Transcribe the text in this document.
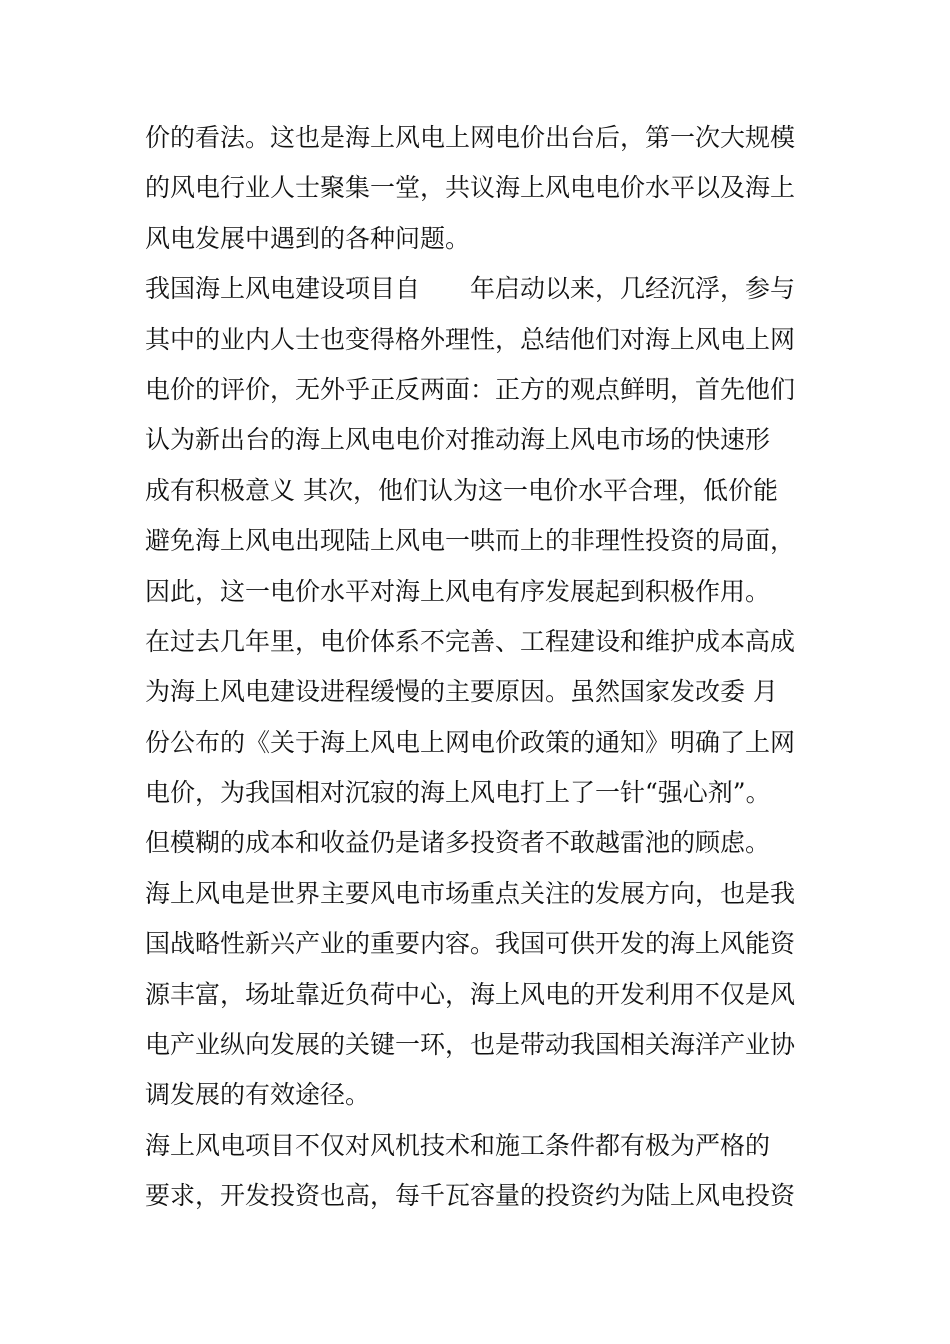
价的看法。这也是海上风电上网电价出台后，第一次大规模
的风电行业人士聚集一堂，共议海上风电电价水平以及海上
风电发展中遇到的各种问题。
我国海上风电建设项目自　　年启动以来，几经沉浮，参与
其中的业内人士也变得格外理性，总结他们对海上风电上网
电价的评价，无外乎正反两面：正方的观点鲜明，首先他们
认为新出台的海上风电电价对推动海上风电市场的快速形
成有积极意义 其次，他们认为这一电价水平合理，低价能
避免海上风电出现陆上风电一哄而上的非理性投资的局面，
因此，这一电价水平对海上风电有序发展起到积极作用。
在过去几年里，电价体系不完善、工程建设和维护成本高成
为海上风电建设进程缓慢的主要原因。虽然国家发改委 月
份公布的《关于海上风电上网电价政策的通知》明确了上网
电价，为我国相对沉寂的海上风电打上了一针“强心剂”。
但模糊的成本和收益仍是诸多投资者不敢越雷池的顾虑。
海上风电是世界主要风电市场重点关注的发展方向，也是我
国战略性新兴产业的重要内容。我国可供开发的海上风能资
源丰富，场址靠近负荷中心，海上风电的开发利用不仅是风
电产业纵向发展的关键一环，也是带动我国相关海洋产业协
调发展的有效途径。
海上风电项目不仅对风机技术和施工条件都有极为严格的
要求，开发投资也高，每千瓦容量的投资约为陆上风电投资
